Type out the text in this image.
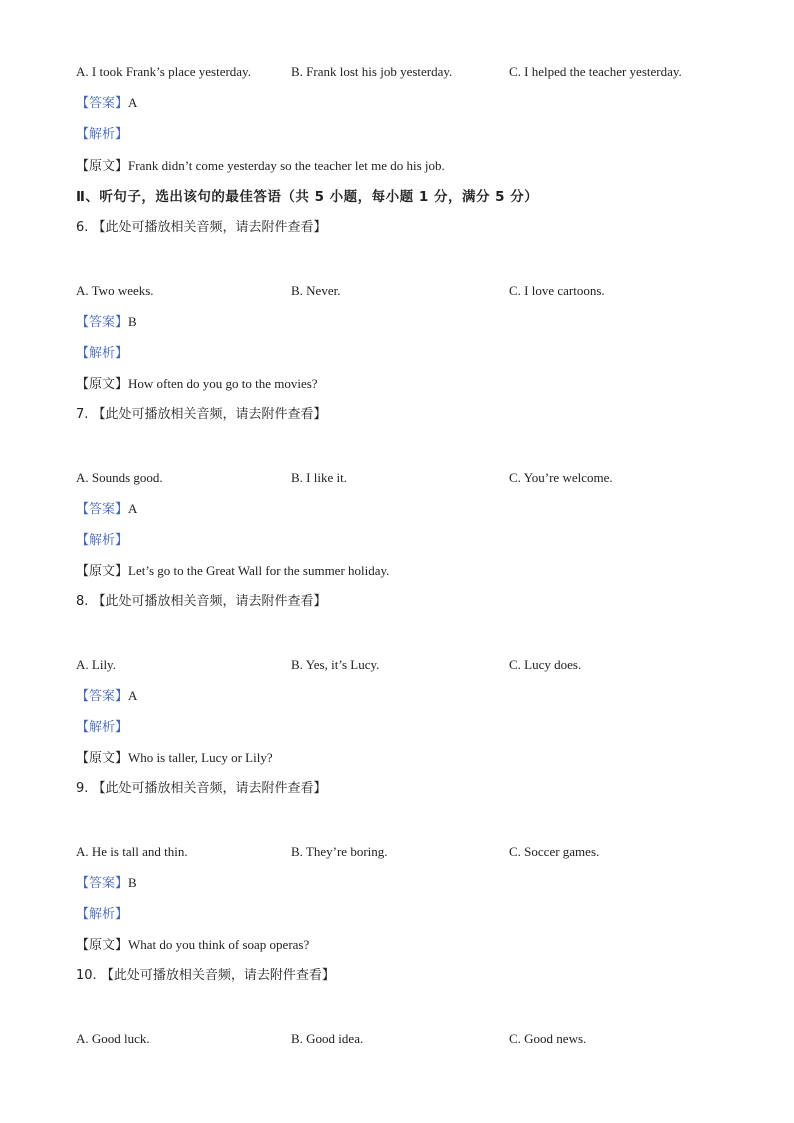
A. I took Frank’s place yesterday.	B. Frank lost his job yesterday.	C. I helped the teacher yesterday.
【答案】A
【解析】
【原文】Frank didn’t come yesterday so the teacher let me do his job.
Ⅱ、听句子，选出该句的最佳答语（共 5 小题，每小题 1 分，满分 5 分）
6. 【此处可播放相关音频，请去附件查看】
A. Two weeks.	B. Never.	C. I love cartoons.
【答案】B
【解析】
【原文】How often do you go to the movies?
7. 【此处可播放相关音频，请去附件查看】
A. Sounds good.	B. I like it.	C. You’re welcome.
【答案】A
【解析】
【原文】Let’s go to the Great Wall for the summer holiday.
8. 【此处可播放相关音频，请去附件查看】
A. Lily.	B. Yes, it’s Lucy.	C. Lucy does.
【答案】A
【解析】
【原文】Who is taller, Lucy or Lily?
9. 【此处可播放相关音频，请去附件查看】
A. He is tall and thin.	B. They’re boring.	C. Soccer games.
【答案】B
【解析】
【原文】What do you think of soap operas?
10. 【此处可播放相关音频，请去附件查看】
A. Good luck.	B. Good idea.	C. Good news.
